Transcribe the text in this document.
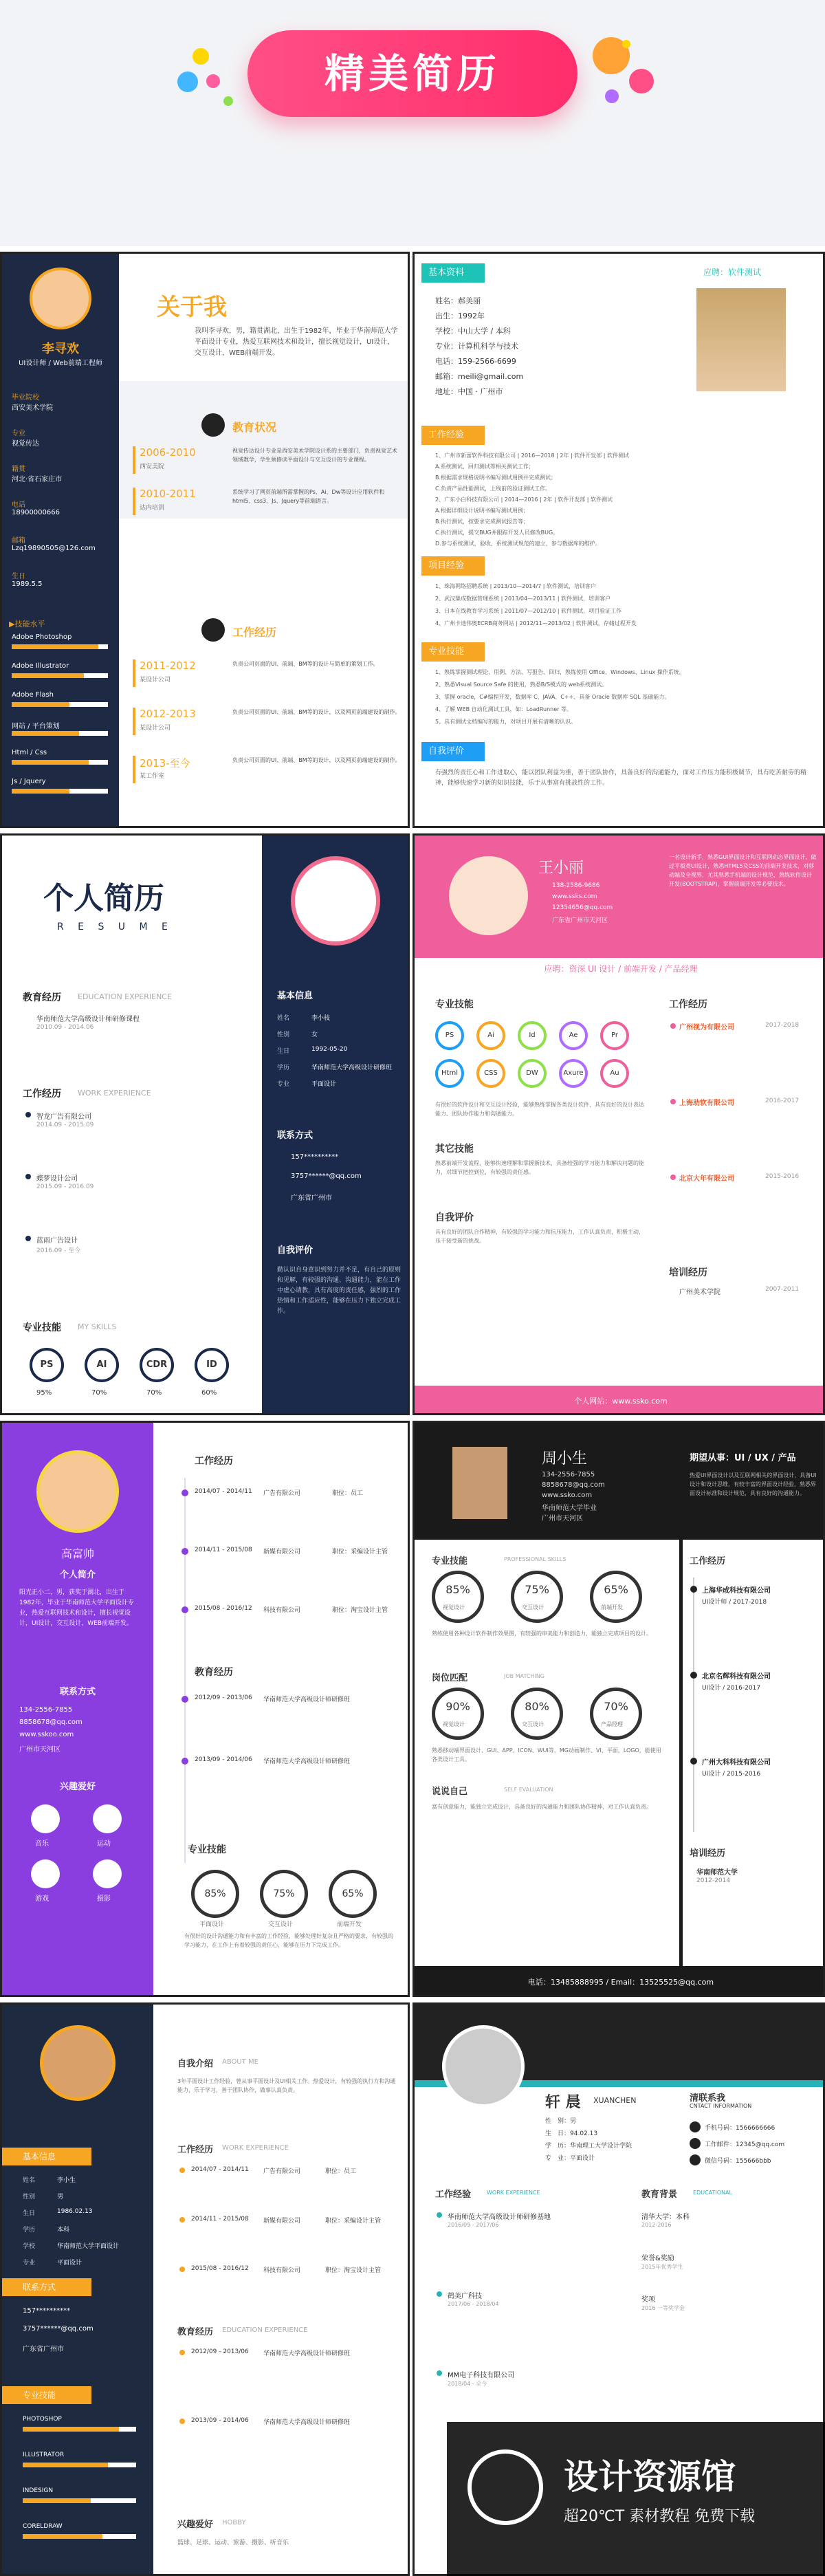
精美简历
李寻欢
UI设计师 / Web前端工程师
毕业院校
西安美术学院
专业
视觉传达
籍贯
河北·省石家庄市
电话
18900000666
邮箱
Lzq19890505@126.com
生日
1989.5.5
▶技能水平
Adobe Photoshop
Adobe Illustrator
Adobe Flash
网站 / 平台策划
Html / Css
Js / Jquery
关于我
我叫李寻欢，男，籍贯湖北，出生于1982年，毕业于华南师范大学平面设计专业，热爱互联网技术和设计，擅长视觉设计，UI设计，交互设计，WEB前端开发。
教育状况
2006-2010
西安美院
视觉传达设计专业是西安美术学院设计系的主要部门，负责视觉艺术领域教学，学生须修读平面设计与交互设计的专业课程。
2010-2011
达内培训
系统学习了网页前端所需掌握的Ps、Ai、Dw等设计应用软件和html5、css3、Js、Jquery等前端语言。
工作经历
2011-2012
某设计公司
负责公司页面的UI、前端、BM等的设计与简单的策划工作。
2012-2013
某设计公司
负责公司页面的UI、前端、BM等的设计，以及网页前端建设的制作。
2013-至今
某工作室
负责公司页面的UI、前端、BM等的设计，以及网页前端建设的制作。
基本资料	应聘：软件测试
姓名：郝美丽
出生：1992年
学校：中山大学 / 本科
专业：计算机科学与技术
电话：159-2566-6699
邮箱：meili@gmail.com
地址：中国 · 广州市
工作经验
1、广州市新蕾软件科技有限公司 | 2016—2018 | 2年 | 软件开发部 | 软件测试
A.系统测试、回归测试等相关测试工作；
B.根据需求规格说明书编写测试用例并完成测试；
C.负责产品性能测试，上线前的验证测试工作。
2、广东小白科技有限公司 | 2014—2016 | 2年 | 软件开发部 | 软件测试
A.根据详细设计说明书编写测试用例；
B.执行测试，按要求完成测试报告等；
C.执行测试，提交BUG并跟踪开发人员修改BUG。
D.参与系统测试，验收，系统测试规范的建立，参与数据库的维护。
项目经验
1、珠海网络招聘系统 | 2013/10—2014/7 | 软件测试，培训客户
2、武汉集成数据管理系统 | 2013/04—2013/11 | 软件测试，培训客户
3、日本在线教育学习系统 | 2011/07—2012/10 | 软件测试，项目验证工作
4、广州卡迪伟奥ECRB商务网站 | 2012/11—2013/02 | 软件测试，存储过程开发
专业技能
1、熟练掌握测试理论、用例、方法、写报告、回归，熟练使用 Office、Windows、Linux 操作系统。
2、熟悉Visual Source Safe 的使用，熟悉B/S模式的 web系统测试。
3、掌握 oracle，C#编程开发，数据库 C、JAVA、C++、具备 Oracle 数据库 SQL 基础能力。
4、了解 WEB 自动化测试工具，如：LoadRunner 等。
5、具有测试文档编写的能力，对项目开展有清晰的认识。
自我评价
有强烈的责任心和工作进取心，能以团队利益为重，善于团队协作，具备良好的沟通能力，面对工作压力能积极调节，具有吃苦耐劳的精神，能够快速学习新的知识技能，乐于从事富有挑战性的工作。
个人简历
R E S U M E
教育经历 EDUCATION EXPERIENCE
华南师范大学高级设计师研修课程
2010.09 - 2014.06
工作经历 WORK EXPERIENCE
智龙广告有限公司
2014.09 - 2015.09
蝶梦设计公司
2015.09 - 2016.09
蓝雨广告设计
2016.09 - 至今
专业技能 MY SKILLS
PS
95%
AI
70%
CDR
70%
ID
60%
基本信息
姓名	李小枝
性别	女
生日	1992-05-20
学历	华南师范大学高级设计研修班
专业	平面设计
联系方式
157**********
3757******@qq.com
广东省广州市
自我评价
勤认识自身意识到努力并不足，有自己的原则和见解，有较强的沟通、沟通能力，能在工作中虚心请教，具有高度的责任感，强烈的工作热情和工作适应性，能够在压力下独立完成工作。
王小丽
138-2586-9686
www.ssks.com
12354656@qq.com
广东省广州市天河区
一名设计新手，熟悉GUI界面设计和互联网动态界面设计、做过平板类UI设计，熟悉HTML5及CSS的前端开发技术，对移动端及全视界，尤其熟悉手机端的设计规范，熟练软件设计开发(BOOTSTRAP)，掌握前端开发等必要技术。
应聘：资深 UI 设计 / 前端开发 / 产品经理
专业技能
PS	Ai	Id	Ae	Pr
Html	CSS	DW	Axure	Au
有很好的软件设计和交互设计经验，能够熟练掌握各类设计软件，具有良好的设计表达能力、团队协作能力和沟通能力。
其它技能
熟悉前端开发流程，能够快速理解和掌握新技术，具备较强的学习能力和解决问题的能力，对细节把控到位，有较强的责任感。
自我评价
具有良好的团队合作精神，有较强的学习能力和抗压能力，工作认真负责，积极主动，乐于接受新的挑战。
工作经历
广州视为有限公司	2017-2018
上海助软有限公司	2016-2017
北京大年有限公司	2015-2016
培训经历
广州美术学院	2007-2011
个人网站：www.ssko.com
高富帅
个人简介
阳光正小二，男，获奖于湖北，出生于1982年，毕业于华南师范大学平面设计专业，热爱互联网技术和设计，擅长视觉设计，UI设计，交互设计，WEB前端开发。
联系方式
134-2556-7855
8858678@qq.com
www.sskoo.com
广州市天河区
兴趣爱好
音乐	运动
游戏	摄影
工作经历
2014/07 - 2014/11 广告有限公司	职位：员工
2014/11 - 2015/08 新媒有限公司	职位：采编设计主管
2015/08 - 2016/12 科技有限公司	职位：淘宝设计主管
教育经历
2012/09 - 2013/06 华南师范大学高级设计师研修班
2013/09 - 2014/06 华南师范大学高级设计师研修班
专业技能
85%
平面设计
75%
交互设计
65%
前端开发
有很好的设计沟通能力和有丰富的工作经验，能够处理好复杂且严格的要求，有较强的学习能力，在工作上有着较强的责任心，能够在压力下完成工作。
周小生
134-2556-7855
8858678@qq.com
www.ssko.com
华南师范大学毕业
广州市天河区
期望从事：UI / UX / 产品
热爱UI界面设计以及互联网相关的界面设计，具备UI设计和设计思维，有较丰富的界面设计经验，熟悉界面设计标准和设计规范，具有良好的沟通能力。
专业技能	PROFESSIONAL SKILLS
85%
视觉设计
75%
交互设计
65%
前端开发
熟练使用各种设计软件制作效果图，有较强的审美能力和创造力，能独立完成项目的设计。
岗位匹配	JOB MATCHING
90%
视觉设计
80%
交互设计
70%
产品经理
熟悉移动端界面设计、GUI、APP、ICON、WUI等，MG动画制作、VI、平面，LOGO，能使用各类设计工具。
说说自己	SELF EVALUATION
富有创意能力，能独立完成设计，具备良好的沟通能力和团队协作精神，对工作认真负责。
工作经历
上海华成科技有限公司
UI设计师 / 2017-2018
北京名辉科技有限公司
UI设计 / 2016-2017
广州大科科技有限公司
UI设计 / 2015-2016
培训经历
华南师范大学
2012-2014
电话：13485888995 / Email：13525525@qq.com
基本信息
姓名	李小生
性别	男
生日	1986.02.13
学历	本科
学校	华南师范大学平面设计
专业	平面设计
联系方式
157**********
3757******@qq.com
广东省广州市
专业技能
PHOTOSHOP
ILLUSTRATOR
INDESIGN
CORELDRAW
自我介绍 ABOUT ME
3年平面设计工作经验，曾从事平面设计及UI相关工作。热爱设计，有较强的执行力和沟通能力，乐于学习，善于团队协作，做事认真负责。
工作经历 WORK EXPERIENCE
2014/07 - 2014/11 广告有限公司	职位：员工
2014/11 - 2015/08 新媒有限公司	职位：采编设计主管
2015/08 - 2016/12 科技有限公司	职位：淘宝设计主管
教育经历 EDUCATION EXPERIENCE
2012/09 - 2013/06 华南师范大学高级设计师研修班
2013/09 - 2014/06 华南师范大学高级设计师研修班
兴趣爱好 HOBBY
篮球、足球、运动、旅游、摄影、听音乐
轩 晨 XUANCHEN
性　别：男
生　日：94.02.13
学　历：华南理工大学设计学院
专　业：平面设计
清联系我
CNTACT INFORMATION
手机号码：1566666666
工作邮件：12345@qq.com
微信号码：155666bbb
工作经验	WORK EXPERIENCE
华南师范大学高级设计师研修基地
2016/09 - 2017/06
鹤美广科技
2017/06 - 2018/04
MM电子科技有限公司
2018/04 - 至今
教育背景	EDUCATIONAL
清华大学：本科
2012-2016
荣誉&奖励
2015年优秀学生
奖项
2016 一等奖学金
设计资源馆
超20℃T 素材教程 免费下载
